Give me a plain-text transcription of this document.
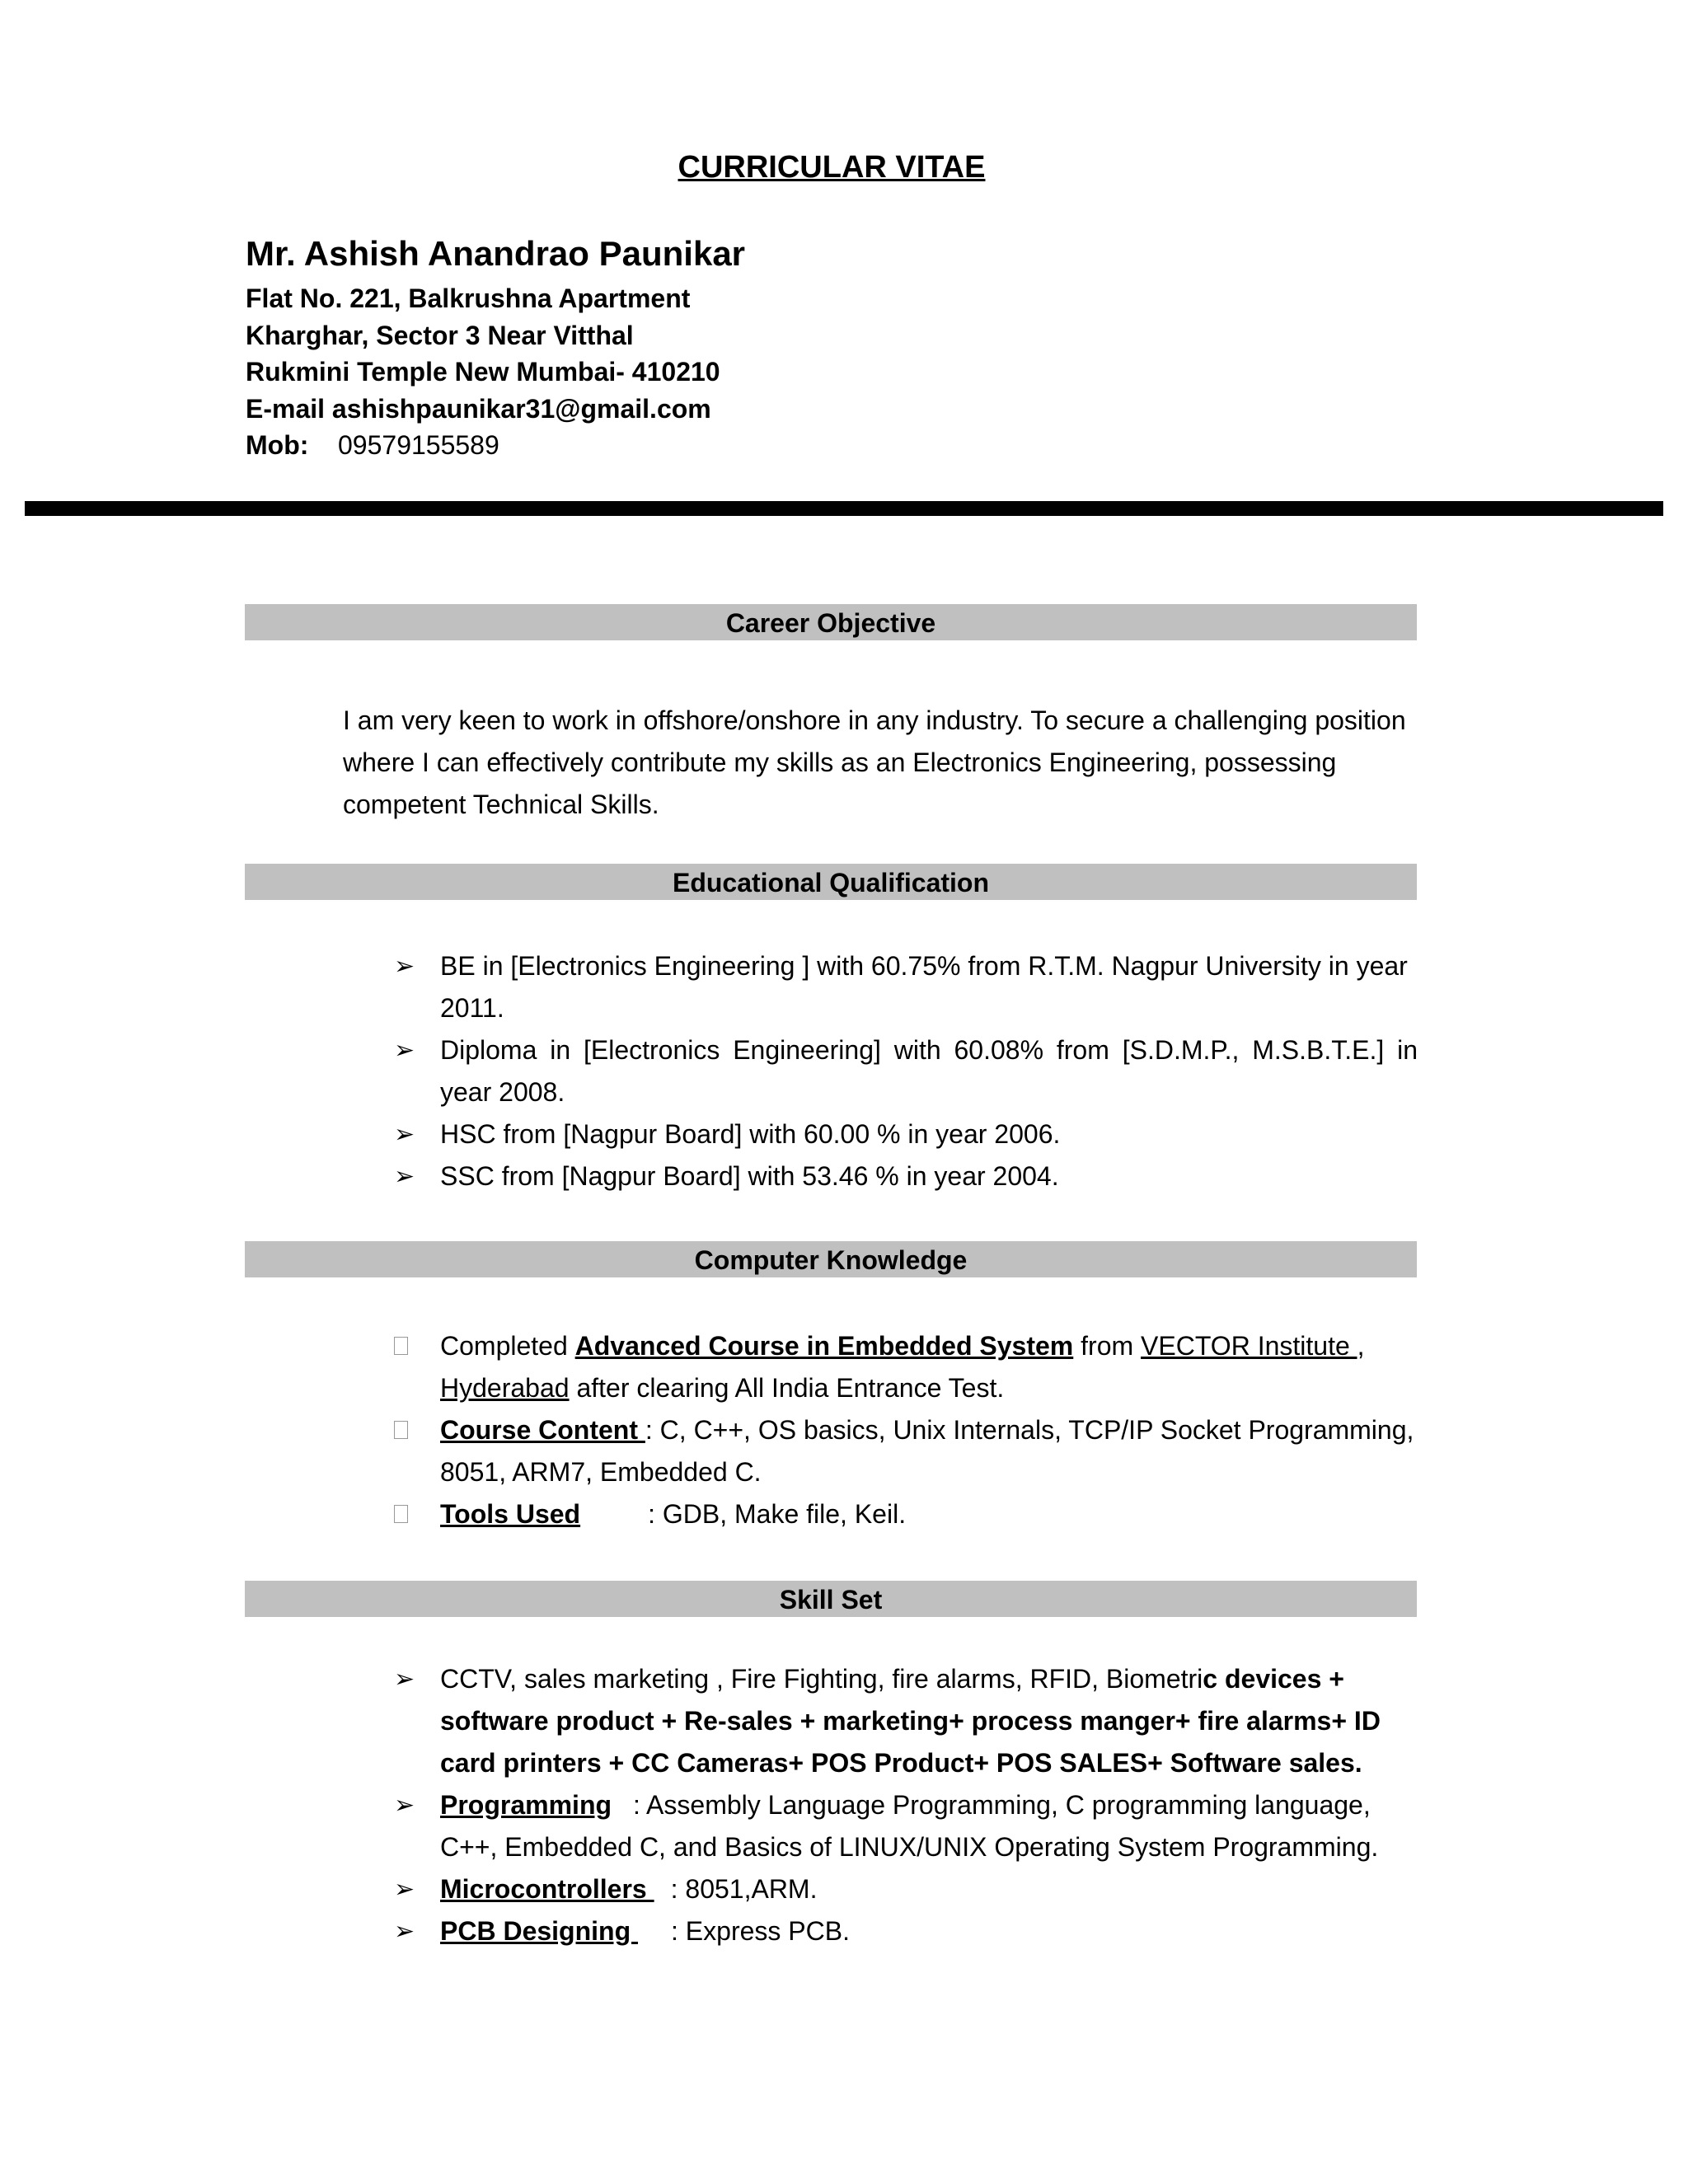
CURRICULAR VITAE
Mr. Ashish Anandrao Paunikar
Flat No. 221, Balkrushna Apartment
Kharghar, Sector 3 Near Vitthal
Rukmini Temple New Mumbai- 410210
E-mail ashishpaunikar31@gmail.com
Mob: 09579155589
Career Objective
I am very keen to work in offshore/onshore in any industry. To secure a challenging position where I can effectively contribute my skills as an Electronics Engineering, possessing competent Technical Skills.
Educational Qualification
➢ BE in [Electronics Engineering ] with 60.75% from R.T.M. Nagpur University in year 2011.
➢ Diploma in [Electronics Engineering] with 60.08% from [S.D.M.P., M.S.B.T.E.] in year 2008.
➢ HSC from [Nagpur Board] with 60.00 % in year 2006.
➢ SSC from [Nagpur Board] with 53.46 % in year 2004.
Computer Knowledge
Completed Advanced Course in Embedded System from VECTOR Institute , Hyderabad after clearing All India Entrance Test.
Course Content : C, C++, OS basics, Unix Internals, TCP/IP Socket Programming, 8051, ARM7, Embedded C.
Tools Used	: GDB, Make file, Keil.
Skill Set
➢ CCTV, sales marketing , Fire Fighting, fire alarms, RFID, Biometric devices + software product + Re-sales + marketing+ process manger+ fire alarms+ ID card printers + CC Cameras+ POS Product+ POS SALES+ Software sales.
➢ Programming : Assembly Language Programming, C programming language, C++, Embedded C, and Basics of LINUX/UNIX Operating System Programming.
➢ Microcontrollers : 8051,ARM.
➢ PCB Designing : Express PCB.
